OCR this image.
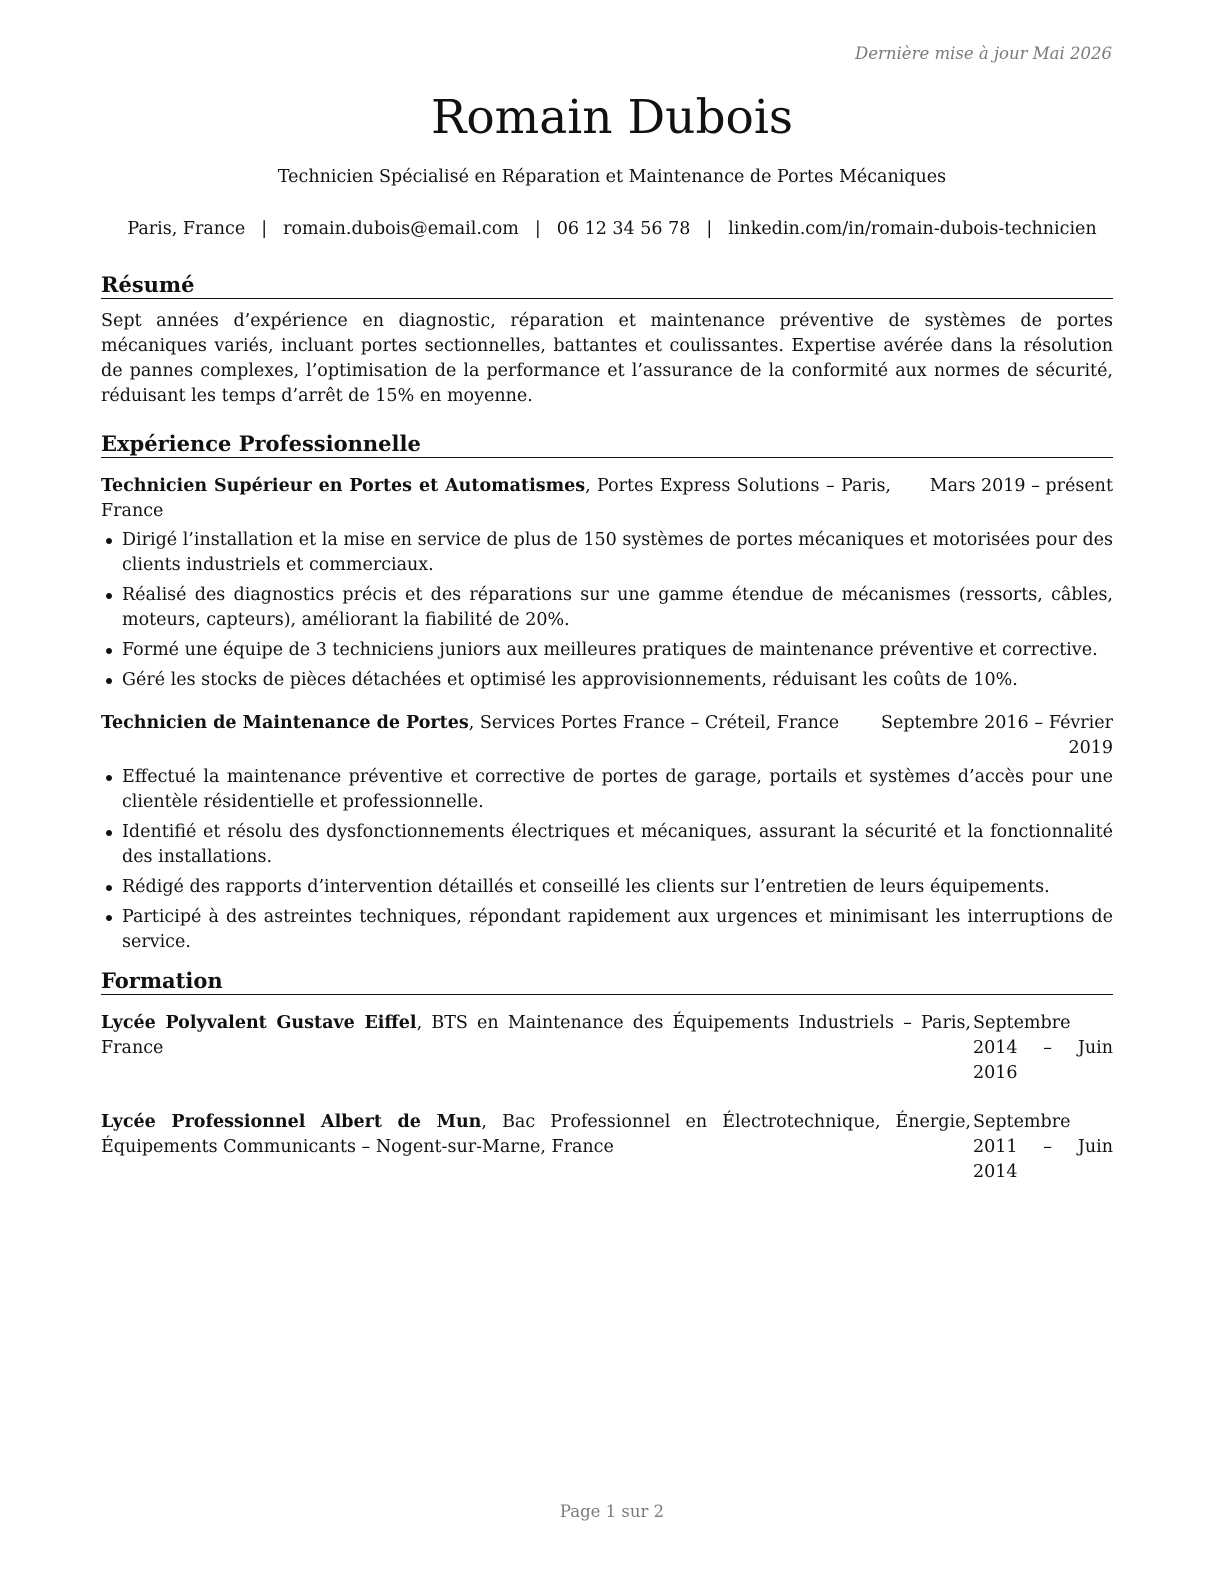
Dernière mise à jour Mai 2026
Romain Dubois
Technicien Spécialisé en Réparation et Maintenance de Portes Mécaniques
Paris, France | romain.dubois@email.com | 06 12 34 56 78 | linkedin.com/in/romain-dubois-technicien
Résumé

Sept années d’expérience en diagnostic, réparation et maintenance préventive de systèmes de portes mécaniques variés, incluant portes sectionnelles, battantes et coulissantes. Expertise avérée dans la résolution de pannes complexes, l’optimisation de la performance et l’assurance de la conformité aux normes de sécurité, réduisant les temps d’arrêt de 15% en moyenne.

Expérience Professionnelle
Technicien Supérieur en Portes et Automatismes, Portes Express Solutions – Paris, France
Mars 2019 – présent
Dirigé l’installation et la mise en service de plus de 150 systèmes de portes mécaniques et motorisées pour des clients industriels et commerciaux.
Réalisé des diagnostics précis et des réparations sur une gamme étendue de mécanismes (ressorts, câbles, moteurs, capteurs), améliorant la fiabilité de 20%.
Formé une équipe de 3 techniciens juniors aux meilleures pratiques de maintenance préventive et corrective.
Géré les stocks de pièces détachées et optimisé les approvisionnements, réduisant les coûts de 10%.
Technicien de Maintenance de Portes, Services Portes France – Créteil, France	Septembre 2016 – Février 2019
Effectué la maintenance préventive et corrective de portes de garage, portails et systèmes d’accès pour une clientèle résidentielle et professionnelle.
Identifié et résolu des dysfonctionnements électriques et mécaniques, assurant la sécurité et la fonctionnalité des installations.
Rédigé des rapports d’intervention détaillés et conseillé les clients sur l’entretien de leurs équipements.
Participé à des astreintes techniques, répondant rapidement aux urgences et minimisant les interruptions de service.
Formation
Lycée Polyvalent Gustave Eiffel, BTS en Maintenance des Équipements Industriels – Paris, France
Septembre 2014 – Juin 2016
Lycée Professionnel Albert de Mun, Bac Professionnel en Électrotechnique, Énergie, Équipements Communicants – Nogent-sur-Marne, France
Septembre 2011 – Juin 2014
Page 1 sur 2
